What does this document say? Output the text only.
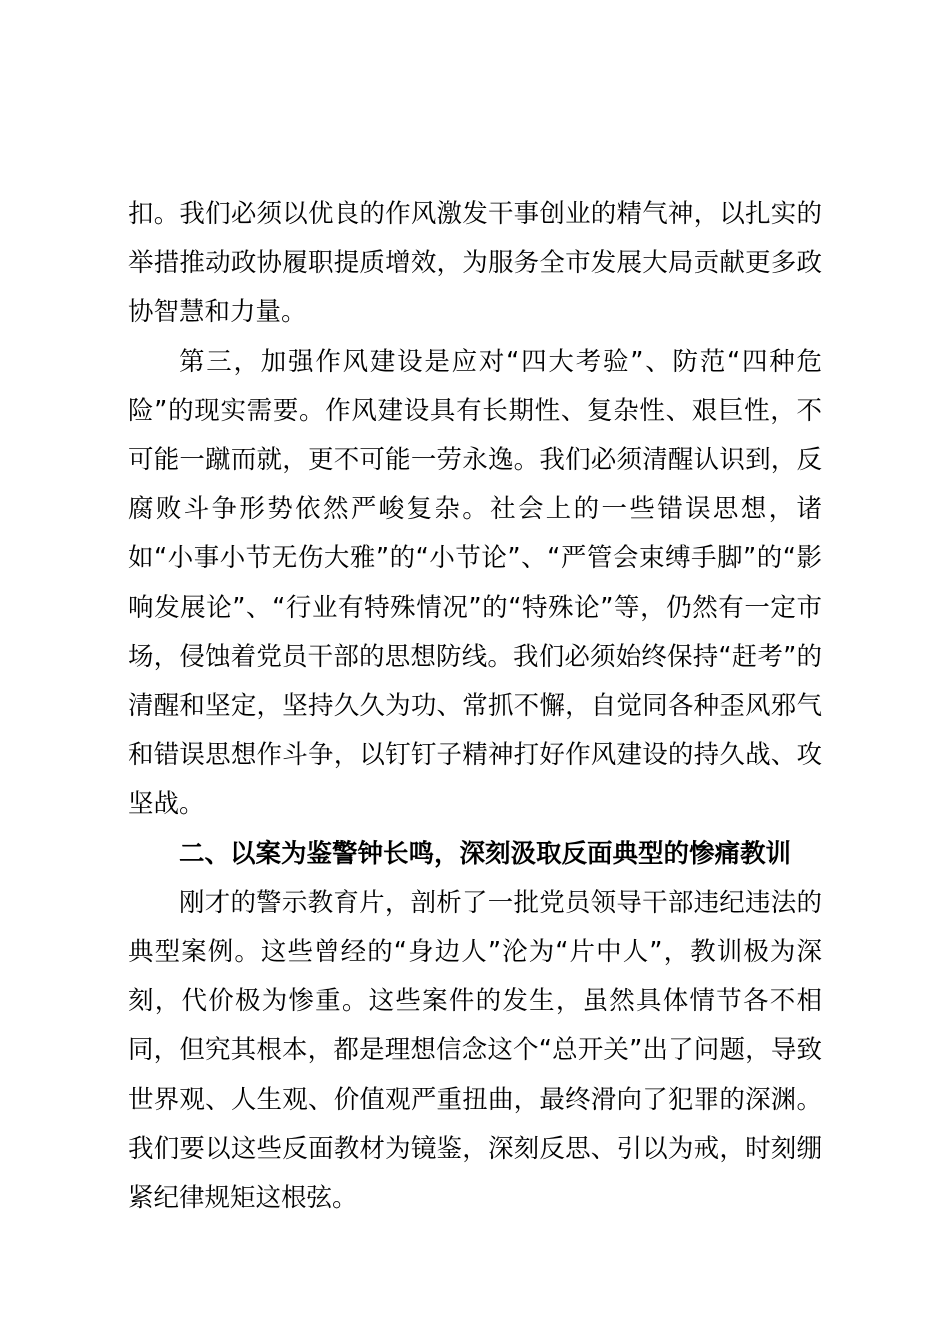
扣。我们必须以优良的作风激发干事创业的精气神，以扎实的举措推动政协履职提质增效，为服务全市发展大局贡献更多政协智慧和力量。

第三，加强作风建设是应对“四大考验”、防范“四种危险”的现实需要。作风建设具有长期性、复杂性、艰巨性，不可能一蹴而就，更不可能一劳永逸。我们必须清醒认识到，反腐败斗争形势依然严峻复杂。社会上的一些错误思想，诸如“小事小节无伤大雅”的“小节论”、“严管会束缚手脚”的“影响发展论”、“行业有特殊情况”的“特殊论”等，仍然有一定市场，侵蚀着党员干部的思想防线。我们必须始终保持“赶考”的清醒和坚定，坚持久久为功、常抓不懈，自觉同各种歪风邪气和错误思想作斗争，以钉钉子精神打好作风建设的持久战、攻坚战。

二、以案为鉴警钟长鸣，深刻汲取反面典型的惨痛教训

刚才的警示教育片，剖析了一批党员领导干部违纪违法的典型案例。这些曾经的“身边人”沦为“片中人”，教训极为深刻，代价极为惨重。这些案件的发生，虽然具体情节各不相同，但究其根本，都是理想信念这个“总开关”出了问题，导致世界观、人生观、价值观严重扭曲，最终滑向了犯罪的深渊。我们要以这些反面教材为镜鉴，深刻反思、引以为戒，时刻绷紧纪律规矩这根弦。
